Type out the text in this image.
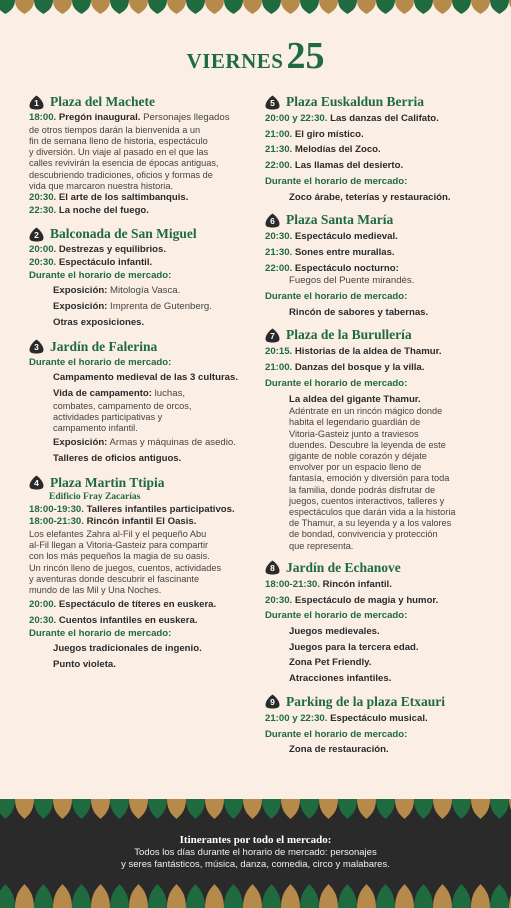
VIERNES25
1 Plaza del Machete
18:00. Pregón inaugural. Personajes llegados
de otros tiempos darán la bienvenida a un
fin de semana lleno de historia, espectáculo
y diversión. Un viaje al pasado en el que las
calles revivirán la esencia de épocas antiguas,
descubriendo tradiciones, oficios y formas de
vida que marcaron nuestra historia.
20:30. El arte de los saltimbanquis.
22:30. La noche del fuego.
2 Balconada de San Miguel
20:00. Destrezas y equilibrios.
20:30. Espectáculo infantil.
Durante el horario de mercado:
Exposición: Mitología Vasca.
Exposición: Imprenta de Gutenberg.
Otras exposiciones.
3 Jardín de Falerina
Durante el horario de mercado:
Campamento medieval de las 3 culturas.
Vida de campamento: luchas,
combates, campamento de orcos,
actividades participativas y
campamento infantil.
Exposición: Armas y máquinas de asedio.
Talleres de oficios antiguos.
4 Plaza Martin Ttipia
Edificio Fray Zacarías
18:00-19:30. Talleres infantiles participativos.
18:00-21:30. Rincón infantil El Oasis.
Los elefantes Zahra al-Fil y el pequeño Abu
al-Fil llegan a Vitoria-Gasteiz para compartir
con los más pequeños la magia de su oasis.
Un rincón lleno de juegos, cuentos, actividades
y aventuras donde descubrir el fascinante
mundo de las Mil y Una Noches.
20:00. Espectáculo de títeres en euskera.
20:30. Cuentos infantiles en euskera.
Durante el horario de mercado:
Juegos tradicionales de ingenio.
Punto violeta.
5 Plaza Euskaldun Berria
20:00 y 22:30. Las danzas del Califato.
21:00. El giro místico.
21:30. Melodías del Zoco.
22:00. Las llamas del desierto.
Durante el horario de mercado:
Zoco árabe, teterías y restauración.
6 Plaza Santa María
20:30. Espectáculo medieval.
21:30. Sones entre murallas.
22:00. Espectáculo nocturno:
Fuegos del Puente mirandés.
Durante el horario de mercado:
Rincón de sabores y tabernas.
7 Plaza de la Burullería
20:15. Historias de la aldea de Thamur.
21:00. Danzas del bosque y la villa.
Durante el horario de mercado:
La aldea del gigante Thamur.
Adéntrate en un rincón mágico donde
habita el legendario guardián de
Vitoria-Gasteiz junto a traviesos
duendes. Descubre la leyenda de este
gigante de noble corazón y déjate
envolver por un espacio lleno de
fantasía, emoción y diversión para toda
la familia, donde podrás disfrutar de
juegos, cuentos interactivos, talleres y
espectáculos que darán vida a la historia
de Thamur, a su leyenda y a los valores
de bondad, convivencia y protección
que representa.
8 Jardín de Echanove
18:00-21:30. Rincón infantil.
20:30. Espectáculo de magia y humor.
Durante el horario de mercado:
Juegos medievales.
Juegos para la tercera edad.
Zona Pet Friendly.
Atracciones infantiles.
9 Parking de la plaza Etxauri
21:00 y 22:30. Espectáculo musical.
Durante el horario de mercado:
Zona de restauración.
Itinerantes por todo el mercado:
Todos los días durante el horario de mercado: personajes
y seres fantásticos, música, danza, comedia, circo y malabares.
